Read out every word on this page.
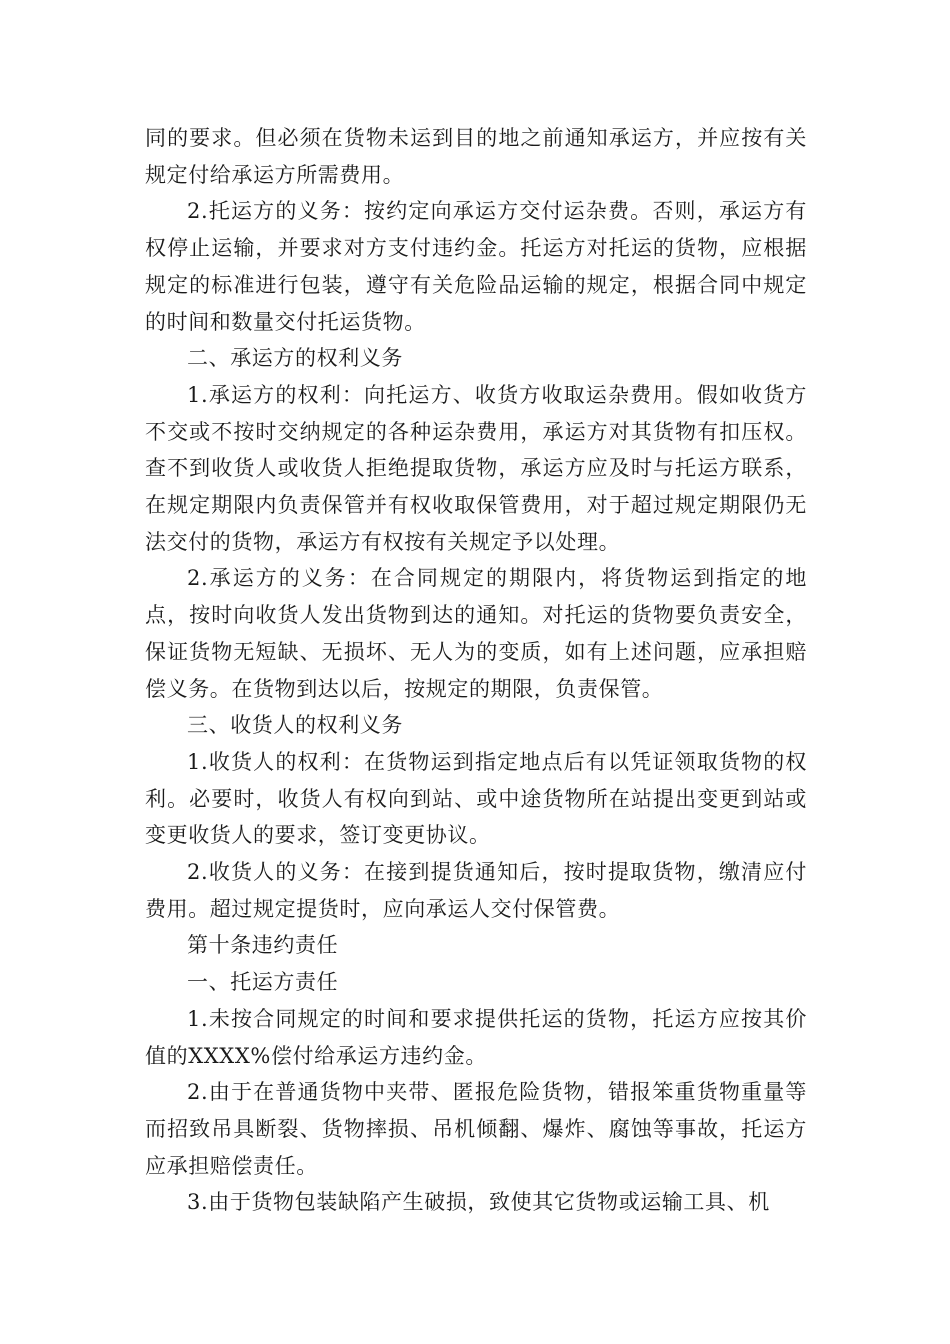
同的要求。但必须在货物未运到目的地之前通知承运方，并应按有关规定付给承运方所需费用。

2.托运方的义务：按约定向承运方交付运杂费。否则，承运方有权停止运输，并要求对方支付违约金。托运方对托运的货物，应根据规定的标准进行包装，遵守有关危险品运输的规定，根据合同中规定的时间和数量交付托运货物。

二、承运方的权利义务

1.承运方的权利：向托运方、收货方收取运杂费用。假如收货方不交或不按时交纳规定的各种运杂费用，承运方对其货物有扣压权。查不到收货人或收货人拒绝提取货物，承运方应及时与托运方联系，在规定期限内负责保管并有权收取保管费用，对于超过规定期限仍无法交付的货物，承运方有权按有关规定予以处理。

2.承运方的义务：在合同规定的期限内，将货物运到指定的地点，按时向收货人发出货物到达的通知。对托运的货物要负责安全，保证货物无短缺、无损坏、无人为的变质，如有上述问题，应承担赔偿义务。在货物到达以后，按规定的期限，负责保管。

三、收货人的权利义务

1.收货人的权利：在货物运到指定地点后有以凭证领取货物的权利。必要时，收货人有权向到站、或中途货物所在站提出变更到站或变更收货人的要求，签订变更协议。

2.收货人的义务：在接到提货通知后，按时提取货物，缴清应付费用。超过规定提货时，应向承运人交付保管费。

第十条违约责任

一、托运方责任

1.未按合同规定的时间和要求提供托运的货物，托运方应按其价值的XXXX%偿付给承运方违约金。

2.由于在普通货物中夹带、匿报危险货物，错报笨重货物重量等而招致吊具断裂、货物摔损、吊机倾翻、爆炸、腐蚀等事故，托运方应承担赔偿责任。

3.由于货物包装缺陷产生破损，致使其它货物或运输工具、机
